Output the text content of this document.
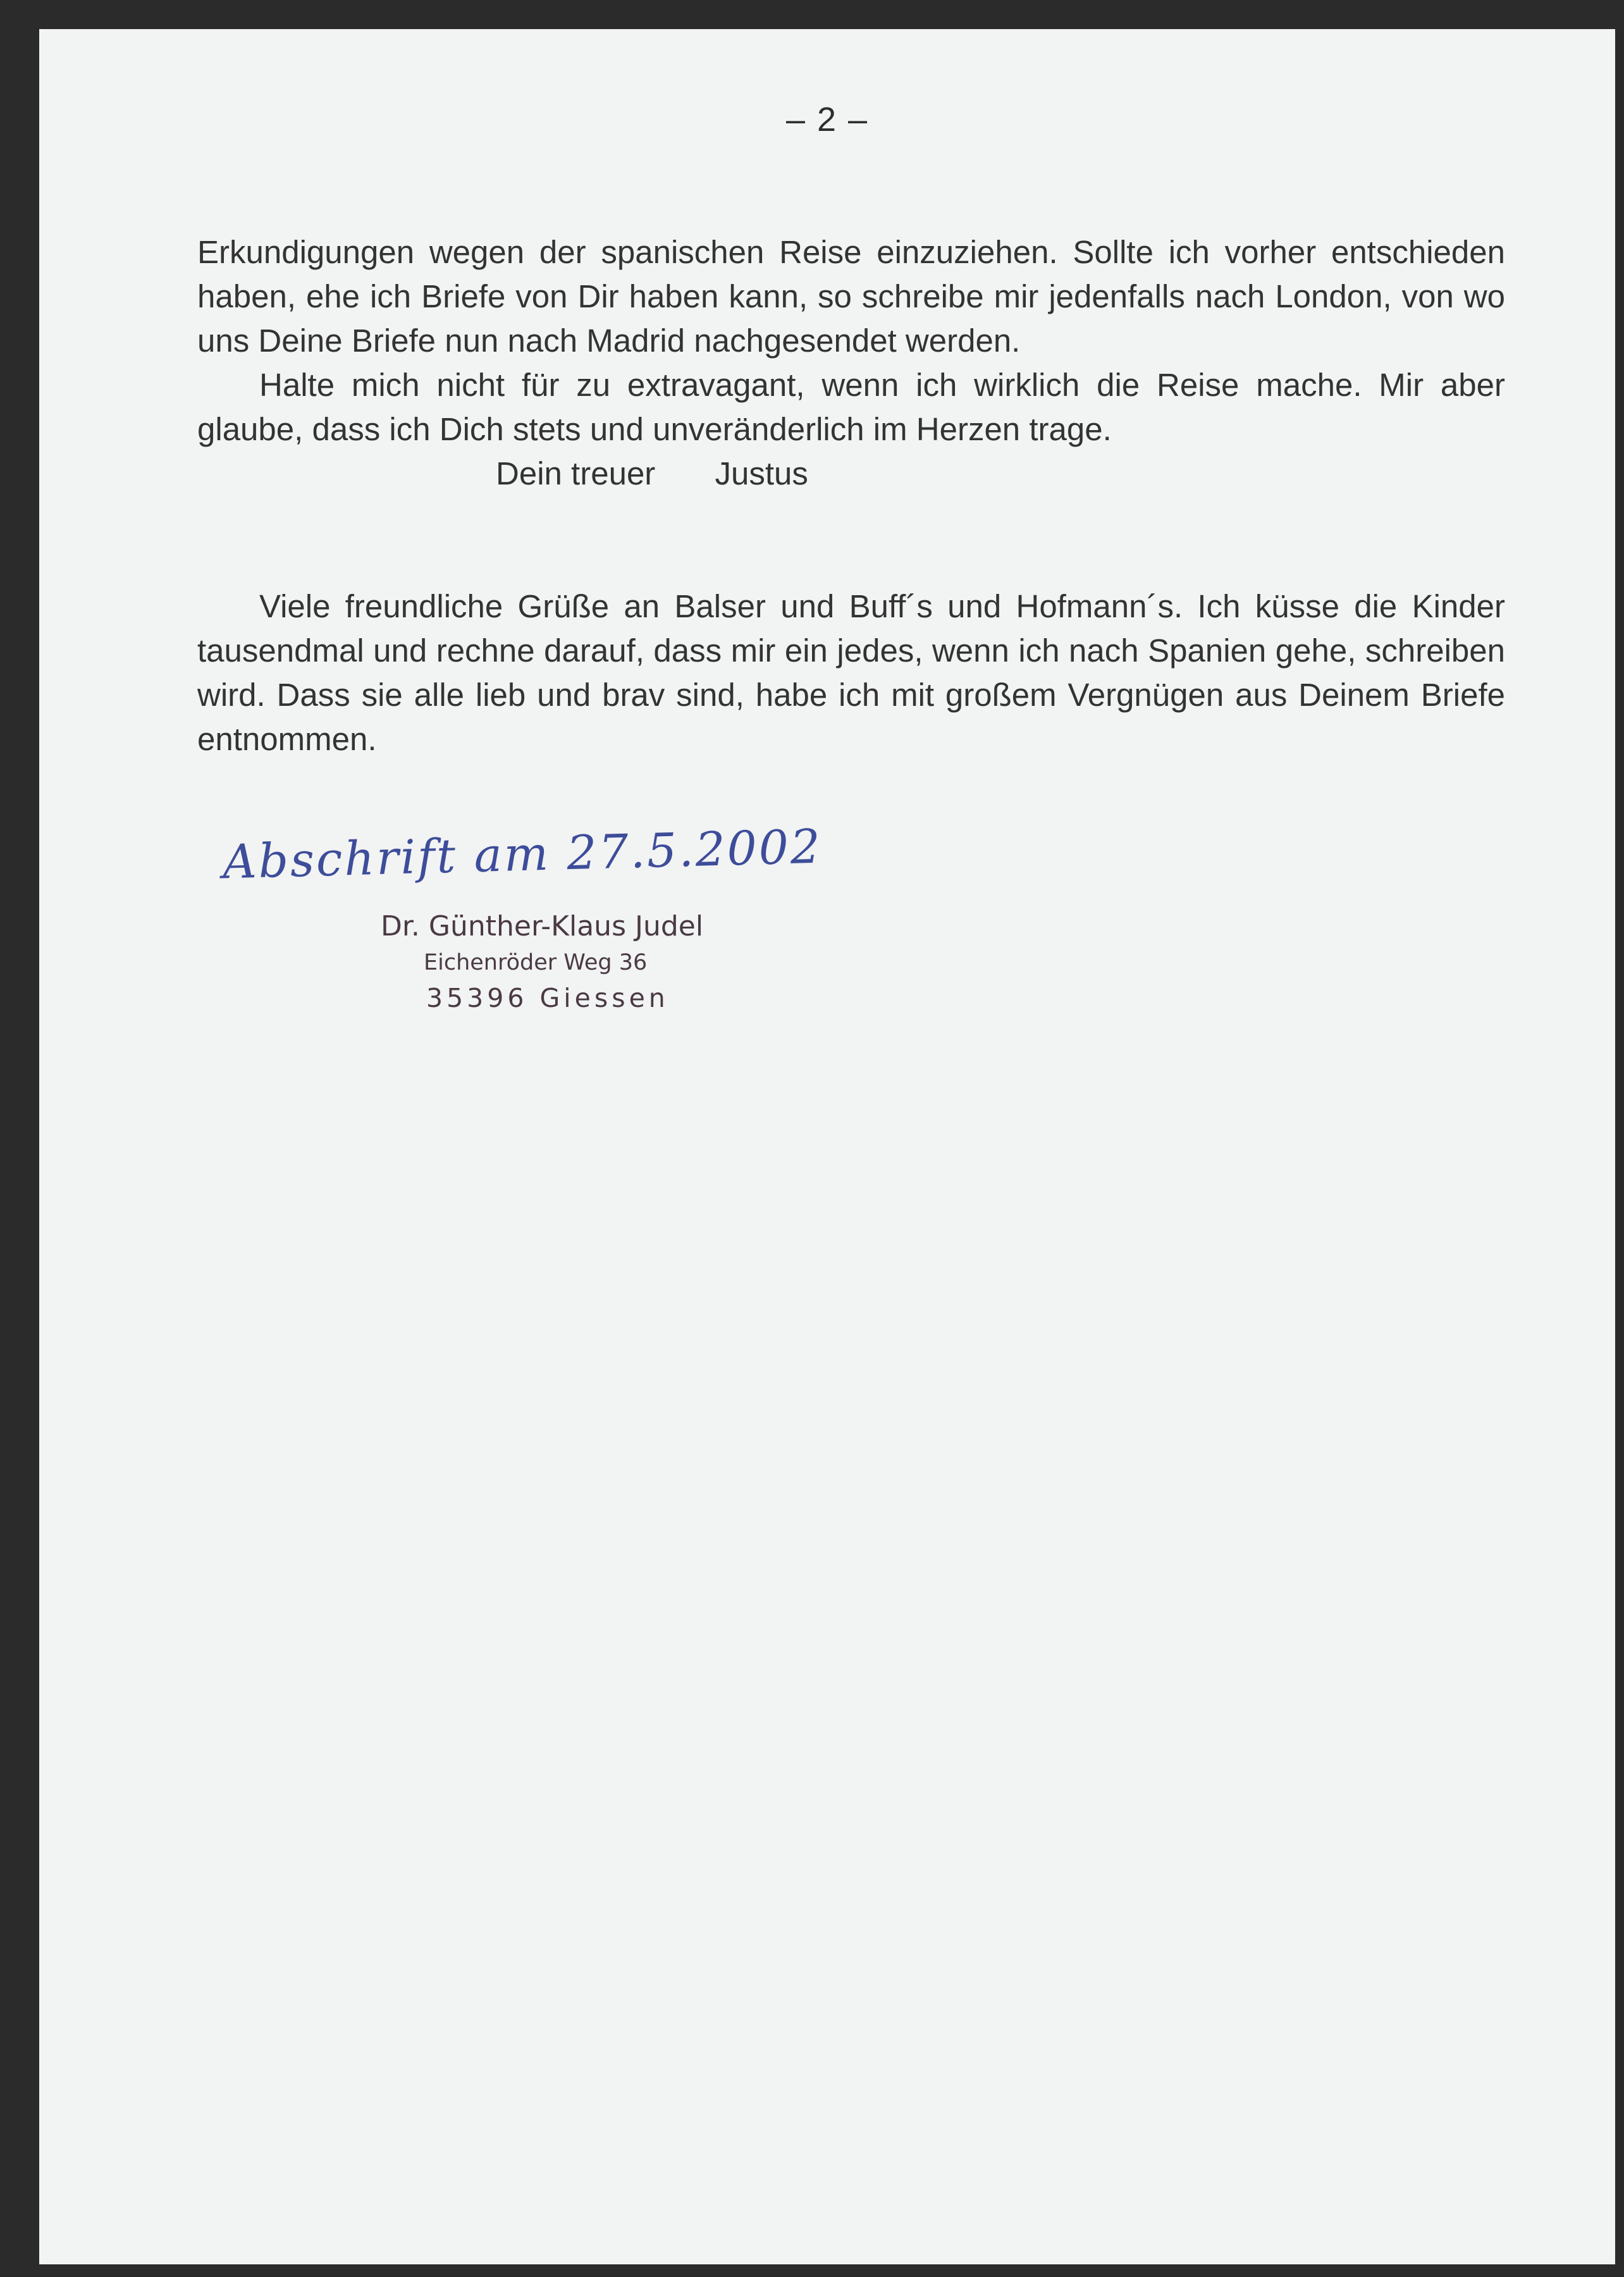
– 2 –

Erkundigungen wegen der spanischen Reise einzuziehen. Sollte ich vorher entschieden haben, ehe ich Briefe von Dir haben kann, so schreibe mir jedenfalls nach London, von wo uns Deine Briefe nun nach Madrid nachgesendet werden.

Halte mich nicht für zu extravagant, wenn ich wirklich die Reise mache. Mir aber glaube, dass ich Dich stets und unveränderlich im Herzen trage.

Dein treuer Justus

Viele freundliche Grüße an Balser und Buff´s und Hofmann´s. Ich küsse die Kinder tausendmal und rechne darauf, dass mir ein jedes, wenn ich nach Spanien gehe, schreiben wird. Dass sie alle lieb und brav sind, habe ich mit großem Vergnügen aus Deinem Briefe entnommen.

Abschrift am 27.5.2002
Dr. Günther-Klaus Judel
Eichenröder Weg 36
35396 Giessen
